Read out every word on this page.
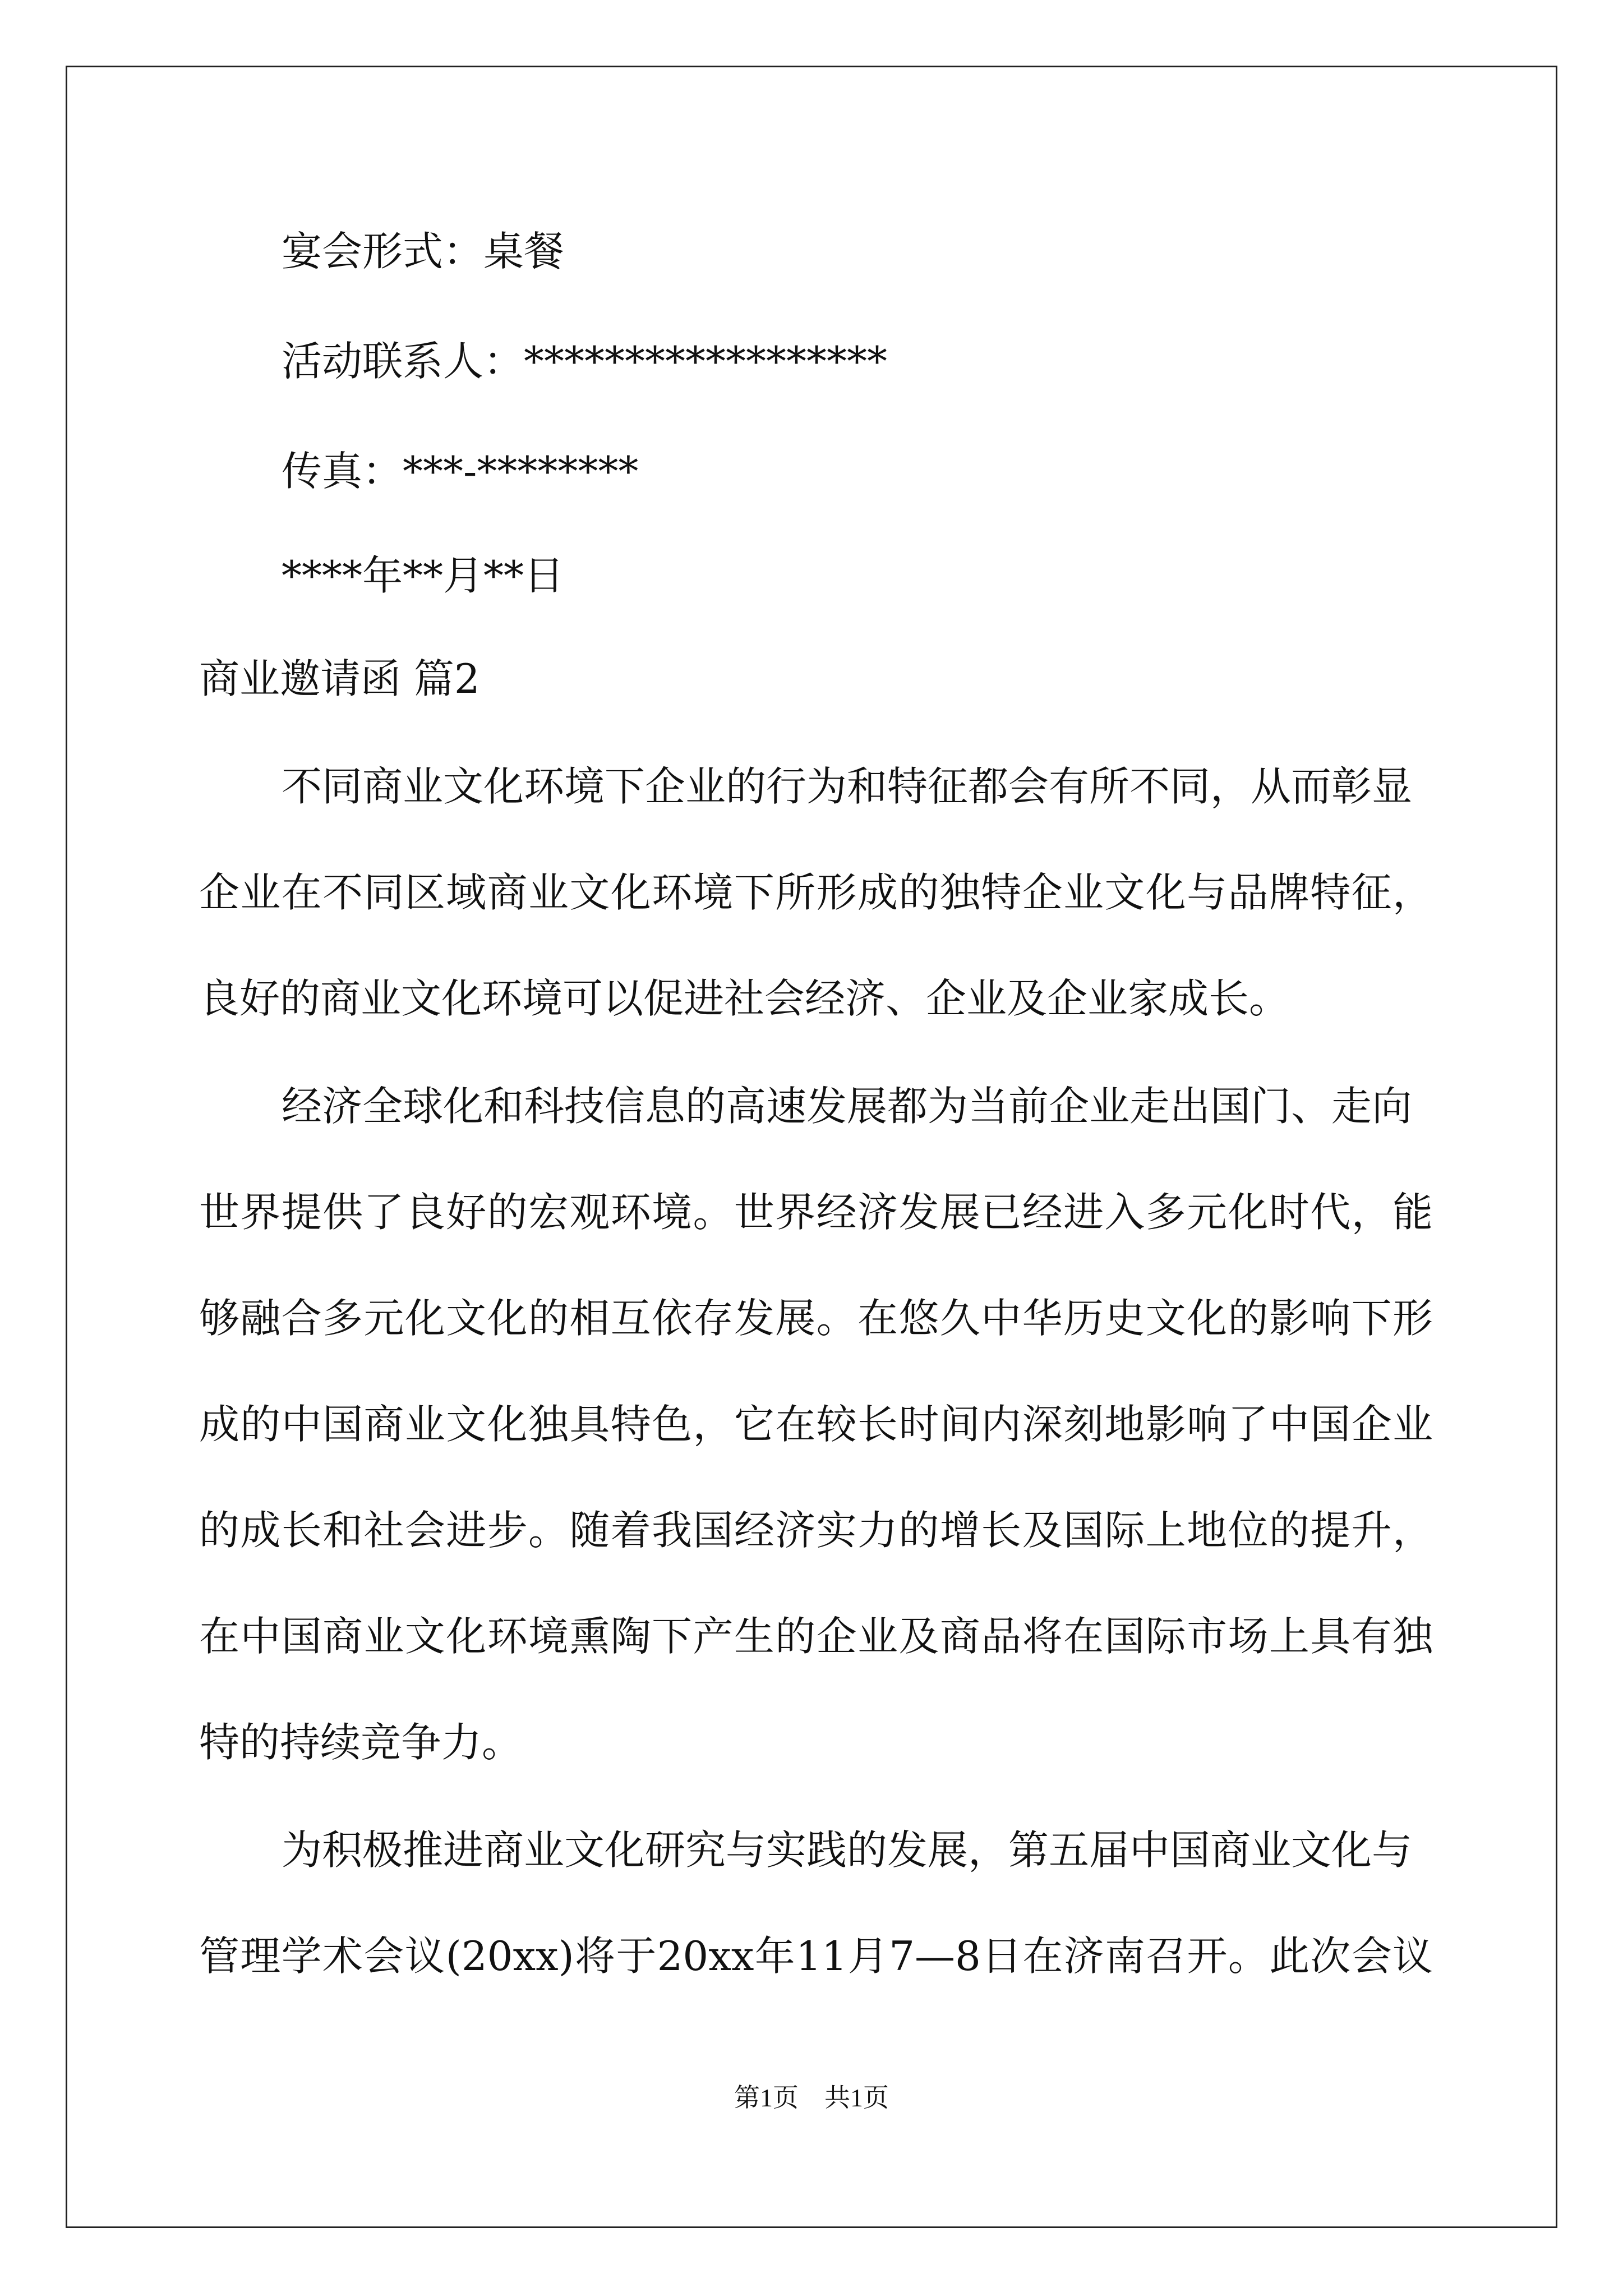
宴会形式：桌餐
活动联系人：******************
传真：***-********
****年**月**日
商业邀请函 篇2
不同商业文化环境下企业的行为和特征都会有所不同，从而彰显
企业在不同区域商业文化环境下所形成的独特企业文化与品牌特征，
良好的商业文化环境可以促进社会经济、企业及企业家成长。
经济全球化和科技信息的高速发展都为当前企业走出国门、走向
世界提供了良好的宏观环境。世界经济发展已经进入多元化时代，能
够融合多元化文化的相互依存发展。在悠久中华历史文化的影响下形
成的中国商业文化独具特色，它在较长时间内深刻地影响了中国企业
的成长和社会进步。随着我国经济实力的增长及国际上地位的提升，
在中国商业文化环境熏陶下产生的企业及商品将在国际市场上具有独
特的持续竞争力。
为积极推进商业文化研究与实践的发展，第五届中国商业文化与
管理学术会议(20xx)将于20xx年11月7—8日在济南召开。此次会议
第1页　共1页
